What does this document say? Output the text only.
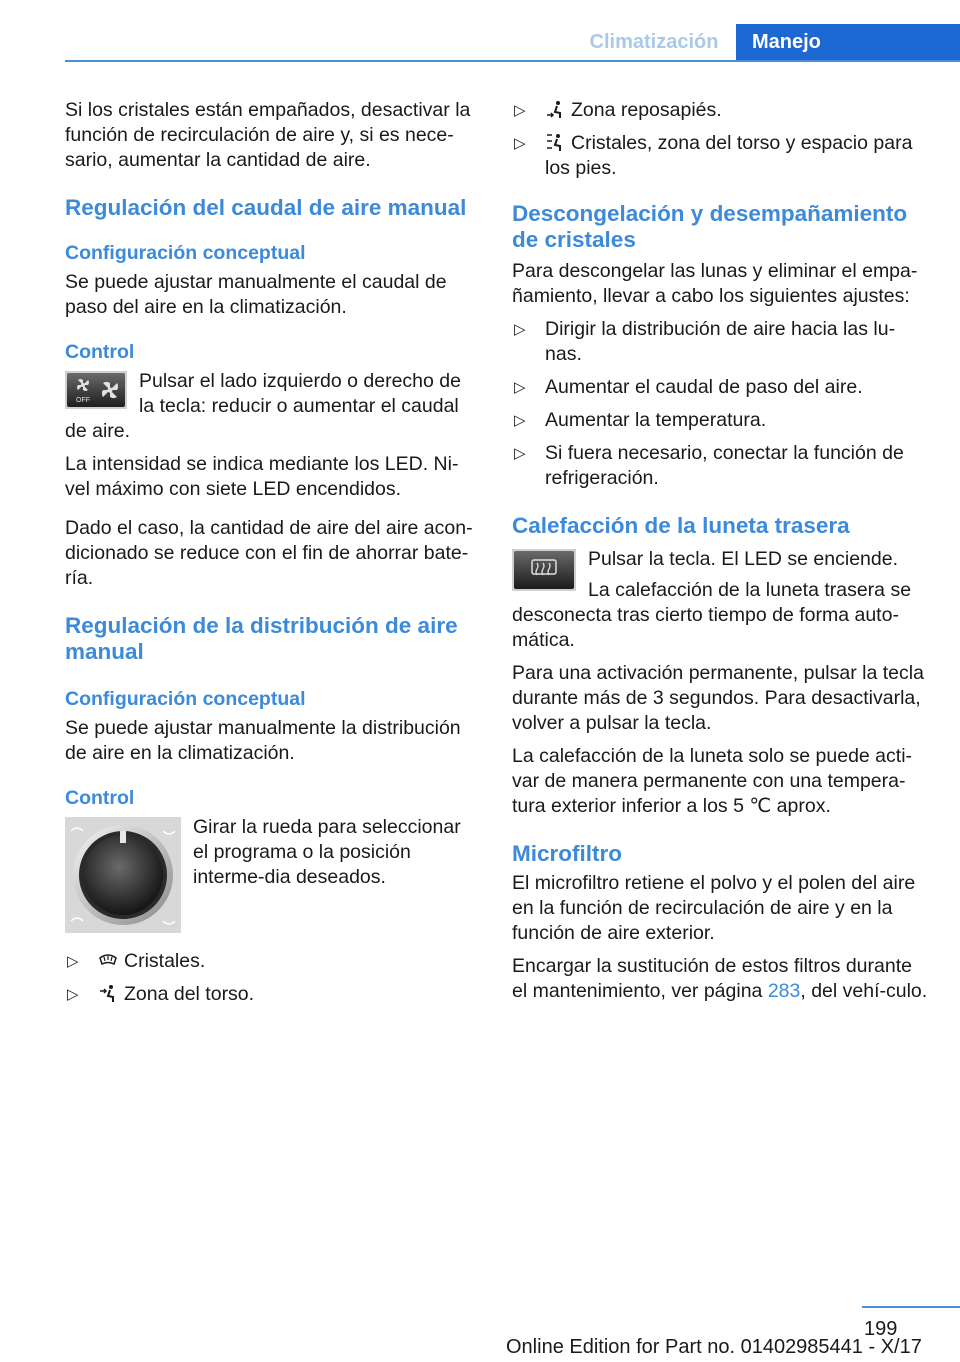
Climatización	Manejo

Si los cristales están empañados, desactivar la función de recirculación de aire y, si es nece‐sario, aumentar la cantidad de aire.

Regulación del caudal de aire manual
Configuración conceptual

Se puede ajustar manualmente el caudal de paso del aire en la climatización.

Control
OFF

Pulsar el lado izquierdo o derecho de la tecla: reducir o aumentar el caudal de aire.

La intensidad se indica mediante los LED. Ni‐vel máximo con siete LED encendidos.

Dado el caso, la cantidad de aire del aire acon‐dicionado se reduce con el fin de ahorrar bate‐ría.

Regulación de la distribución de aire manual
Configuración conceptual

Se puede ajustar manualmente la distribución de aire en la climatización.

Control

Girar la rueda para seleccionar el programa o la posición interme‐dia deseados.

▷ Cristales.
▷ Zona del torso.
▷ Zona reposapiés.
▷ Cristales, zona del torso y espacio para los pies.
Descongelación y desempañamiento de cristales

Para descongelar las lunas y eliminar el empa‐ñamiento, llevar a cabo los siguientes ajustes:

▷ Dirigir la distribución de aire hacia las lu‐nas.
▷ Aumentar el caudal de paso del aire.
▷ Aumentar la temperatura.
▷ Si fuera necesario, conectar la función de refrigeración.
Calefacción de la luneta trasera

Pulsar la tecla. El LED se enciende.

La calefacción de la luneta trasera se desconecta tras cierto tiempo de forma auto‐mática.

Para una activación permanente, pulsar la tecla durante más de 3 segundos. Para desactivarla, volver a pulsar la tecla.

La calefacción de la luneta solo se puede acti‐var de manera permanente con una tempera‐tura exterior inferior a los 5 ℃ aprox.

Microfiltro

El microfiltro retiene el polvo y el polen del aire en la función de recirculación de aire y en la función de aire exterior.

Encargar la sustitución de estos filtros durante el mantenimiento, ver página 283, del vehí‐culo.

199
Online Edition for Part no. 01402985441 - X/17
